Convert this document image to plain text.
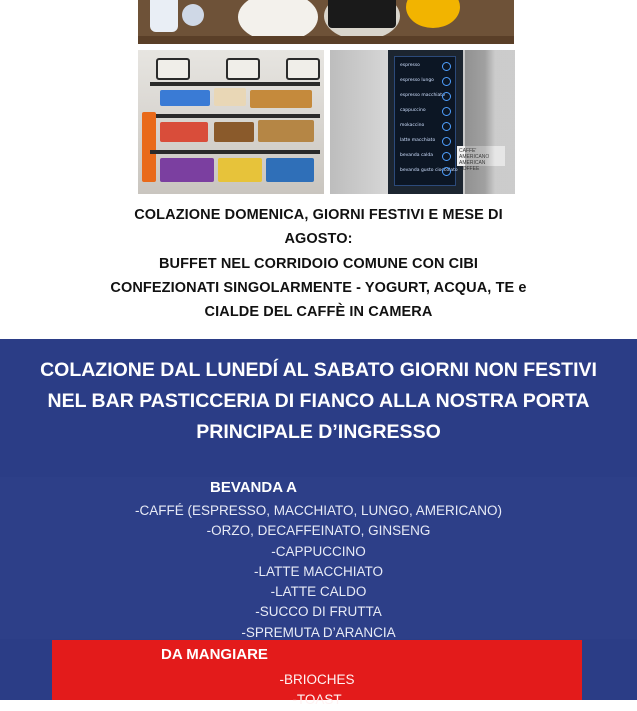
espresso
espresso lungo
espresso macchiato
cappuccino
mokaccino
latte macchiato
bevanda calda
bevanda gusto cioccolato
CAFFE' AMERICANO
AMERICAN COFFEE
COLAZIONE DOMENICA, GIORNI FESTIVI E MESE DI
AGOSTO:
BUFFET NEL CORRIDOIO COMUNE CON CIBI
CONFEZIONATI SINGOLARMENTE - YOGURT, ACQUA, TE e
CIALDE DEL CAFFÈ IN CAMERA
COLAZIONE DAL LUNEDÍ AL SABATO GIORNI NON FESTIVI
NEL BAR PASTICCERIA DI FIANCO ALLA NOSTRA PORTA
PRINCIPALE D’INGRESSO
BEVANDA A
-CAFFÉ (ESPRESSO, MACCHIATO, LUNGO, AMERICANO)
-ORZO, DECAFFEINATO, GINSENG
-CAPPUCCINO
-LATTE MACCHIATO
-LATTE CALDO
-SUCCO DI FRUTTA
-SPREMUTA D’ARANCIA
DA MANGIARE
-BRIOCHES
-TOAST
